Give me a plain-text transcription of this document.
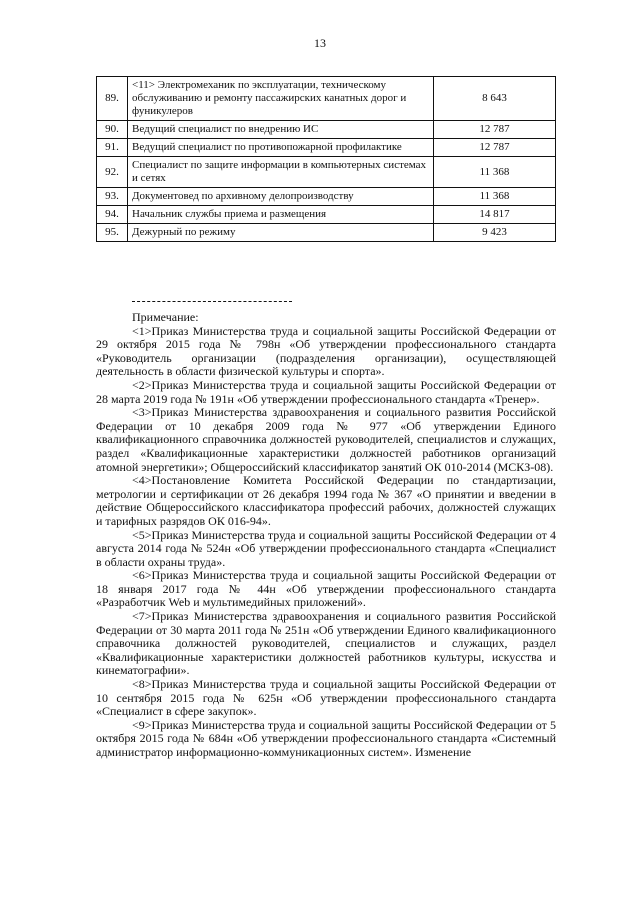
13
89.	<11> Электромеханик по эксплуатации, техническому обслуживанию и ремонту пассажирских канатных дорог и фуникулеров	8 643
90.	Ведущий специалист по внедрению ИС	12 787
91.	Ведущий специалист по противопожарной профилактике	12 787
92.	Специалист по защите информации в компьютерных системах и сетях	11 368
93.	Документовед по архивному делопроизводству	11 368
94.	Начальник службы приема и размещения	14 817
95.	Дежурный по режиму	9 423

Примечание:

<1>Приказ Министерства труда и социальной защиты Российской Федерации от 29 октября 2015 года № 798н «Об утверждении профессионального стандарта «Руководитель организации (подразделения организации), осуществляющей деятельность в области физической культуры и спорта».

<2>Приказ Министерства труда и социальной защиты Российской Федерации от 28 марта 2019 года № 191н «Об утверждении профессионального стандарта «Тренер».

<3>Приказ Министерства здравоохранения и социального развития Российской Федерации от 10 декабря 2009 года № 977 «Об утверждении Единого квалификационного справочника должностей руководителей, специалистов и служащих, раздел «Квалификационные характеристики должностей работников организаций атомной энергетики»; Общероссийский классификатор занятий ОК 010-2014 (МСКЗ-08).

<4>Постановление Комитета Российской Федерации по стандартизации, метрологии и сертификации от 26 декабря 1994 года № 367 «О принятии и введении в действие Общероссийского классификатора профессий рабочих, должностей служащих и тарифных разрядов ОК 016-94».

<5>Приказ Министерства труда и социальной защиты Российской Федерации от 4 августа 2014 года № 524н «Об утверждении профессионального стандарта «Специалист в области охраны труда».

<6>Приказ Министерства труда и социальной защиты Российской Федерации от 18 января 2017 года № 44н «Об утверждении профессионального стандарта «Разработчик Web и мультимедийных приложений».

<7>Приказ Министерства здравоохранения и социального развития Российской Федерации от 30 марта 2011 года № 251н «Об утверждении Единого квалификационного справочника должностей руководителей, специалистов и служащих, раздел «Квалификационные характеристики должностей работников культуры, искусства и кинематографии».

<8>Приказ Министерства труда и социальной защиты Российской Федерации от 10 сентября 2015 года № 625н «Об утверждении профессионального стандарта «Специалист в сфере закупок».

<9>Приказ Министерства труда и социальной защиты Российской Федерации от 5 октября 2015 года № 684н «Об утверждении профессионального стандарта «Системный администратор информационно-коммуникационных систем». Изменение
